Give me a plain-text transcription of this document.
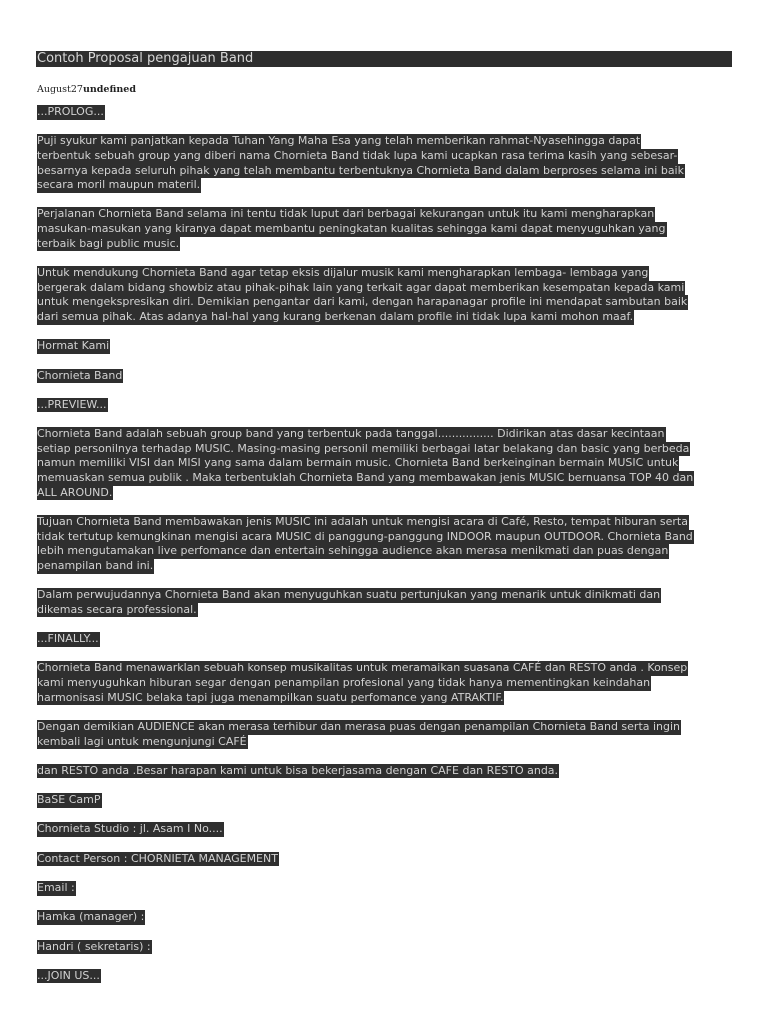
Contoh Proposal pengajuan Band
August27undefined
...PROLOG...
Puji syukur kami panjatkan kepada Tuhan Yang Maha Esa yang telah memberikan rahmat-Nyasehingga dapat
terbentuk sebuah group yang diberi nama Chornieta Band tidak lupa kami ucapkan rasa terima kasih yang sebesar-
besarnya kepada seluruh pihak yang telah membantu terbentuknya Chornieta Band dalam berproses selama ini baik
secara moril maupun materil.
Perjalanan Chornieta Band selama ini tentu tidak luput dari berbagai kekurangan untuk itu kami mengharapkan
masukan-masukan yang kiranya dapat membantu peningkatan kualitas sehingga kami dapat menyuguhkan yang
terbaik bagi public music.
Untuk mendukung Chornieta Band agar tetap eksis dijalur musik kami mengharapkan lembaga- lembaga yang
bergerak dalam bidang showbiz atau pihak-pihak lain yang terkait agar dapat memberikan kesempatan kepada kami
untuk mengekspresikan diri. Demikian pengantar dari kami, dengan harapanagar profile ini mendapat sambutan baik
dari semua pihak. Atas adanya hal-hal yang kurang berkenan dalam profile ini tidak lupa kami mohon maaf.
Hormat Kami
Chornieta Band
...PREVIEW...
Chornieta Band adalah sebuah group band yang terbentuk pada tanggal................ Didirikan atas dasar kecintaan
setiap personilnya terhadap MUSIC. Masing-masing personil memiliki berbagai latar belakang dan basic yang berbeda
namun memiliki VISI dan MISI yang sama dalam bermain music. Chornieta Band berkeinginan bermain MUSIC untuk
memuaskan semua publik . Maka terbentuklah Chornieta Band yang membawakan jenis MUSIC bernuansa TOP 40 dan
ALL AROUND.
Tujuan Chornieta Band membawakan jenis MUSIC ini adalah untuk mengisi acara di Café, Resto, tempat hiburan serta
tidak tertutup kemungkinan mengisi acara MUSIC di panggung-panggung INDOOR maupun OUTDOOR. Chornieta Band
lebih mengutamakan live perfomance dan entertain sehingga audience akan merasa menikmati dan puas dengan
penampilan band ini.
Dalam perwujudannya Chornieta Band akan menyuguhkan suatu pertunjukan yang menarik untuk dinikmati dan
dikemas secara professional.
...FINALLY...
Chornieta Band menawarklan sebuah konsep musikalitas untuk meramaikan suasana CAFÉ dan RESTO anda . Konsep
kami menyuguhkan hiburan segar dengan penampilan profesional yang tidak hanya mementingkan keindahan
harmonisasi MUSIC belaka tapi juga menampilkan suatu perfomance yang ATRAKTIF.
Dengan demikian AUDIENCE akan merasa terhibur dan merasa puas dengan penampilan Chornieta Band serta ingin
kembali lagi untuk mengunjungi CAFÉ
dan RESTO anda .Besar harapan kami untuk bisa bekerjasama dengan CAFE dan RESTO anda.
BaSE CamP
Chornieta Studio : jl. Asam I No....
Contact Person : CHORNIETA MANAGEMENT
Email :
Hamka (manager) :
Handri ( sekretaris) :
...JOIN US...
